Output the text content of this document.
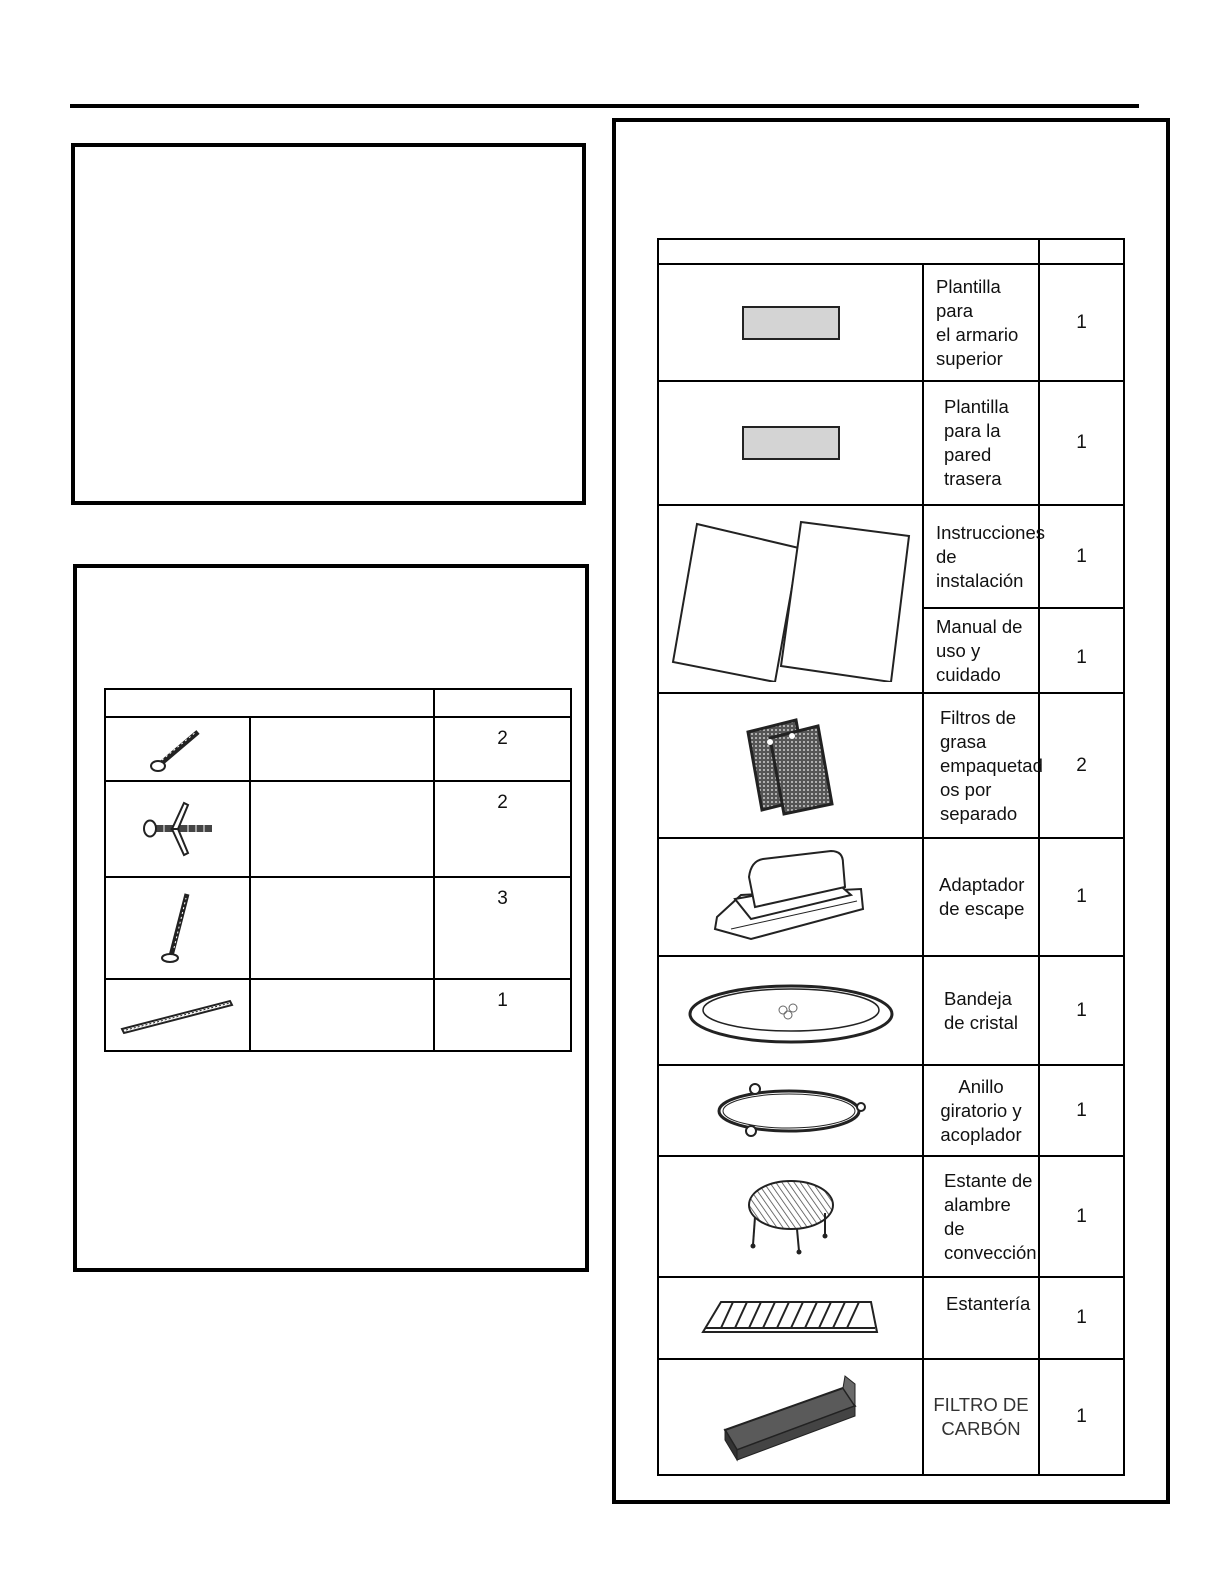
		2

		2

		3

		1

Plantilla para
el armario
superior	1

Plantilla
para la
pared
trasera	1

Instrucciones
de
instalación	1

	Manual de
uso y cuidado	1

Filtros de
grasa
empaquetad
os por
separado	2

Adaptador
de escape	1

Bandeja
de cristal	1

Anillo
giratorio y
acoplador	1

Estante de
alambre de
convección	1

Estantería	1

FILTRO DE
CARBÓN	1
